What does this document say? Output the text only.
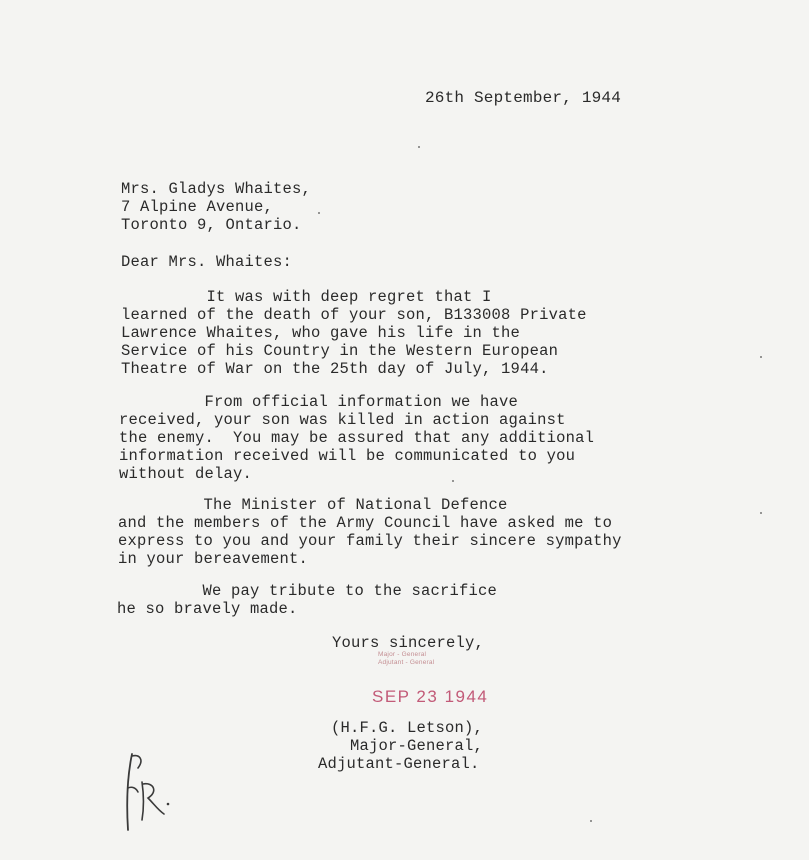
26th September, 1944
Mrs. Gladys Whaites,
7 Alpine Avenue,
Toronto 9, Ontario.
Dear Mrs. Whaites:
It was with deep regret that I
learned of the death of your son, B133008 Private
Lawrence Whaites, who gave his life in the
Service of his Country in the Western European
Theatre of War on the 25th day of July, 1944.
From official information we have
received, your son was killed in action against
the enemy.  You may be assured that any additional
information received will be communicated to you
without delay.
The Minister of National Defence
and the members of the Army Council have asked me to
express to you and your family their sincere sympathy
in your bereavement.
We pay tribute to the sacrifice
he so bravely made.
Yours sincerely,
Major - General
Adjutant - General
SEP 23 1944
(H.F.G. Letson),
Major-General,
Adjutant-General.
